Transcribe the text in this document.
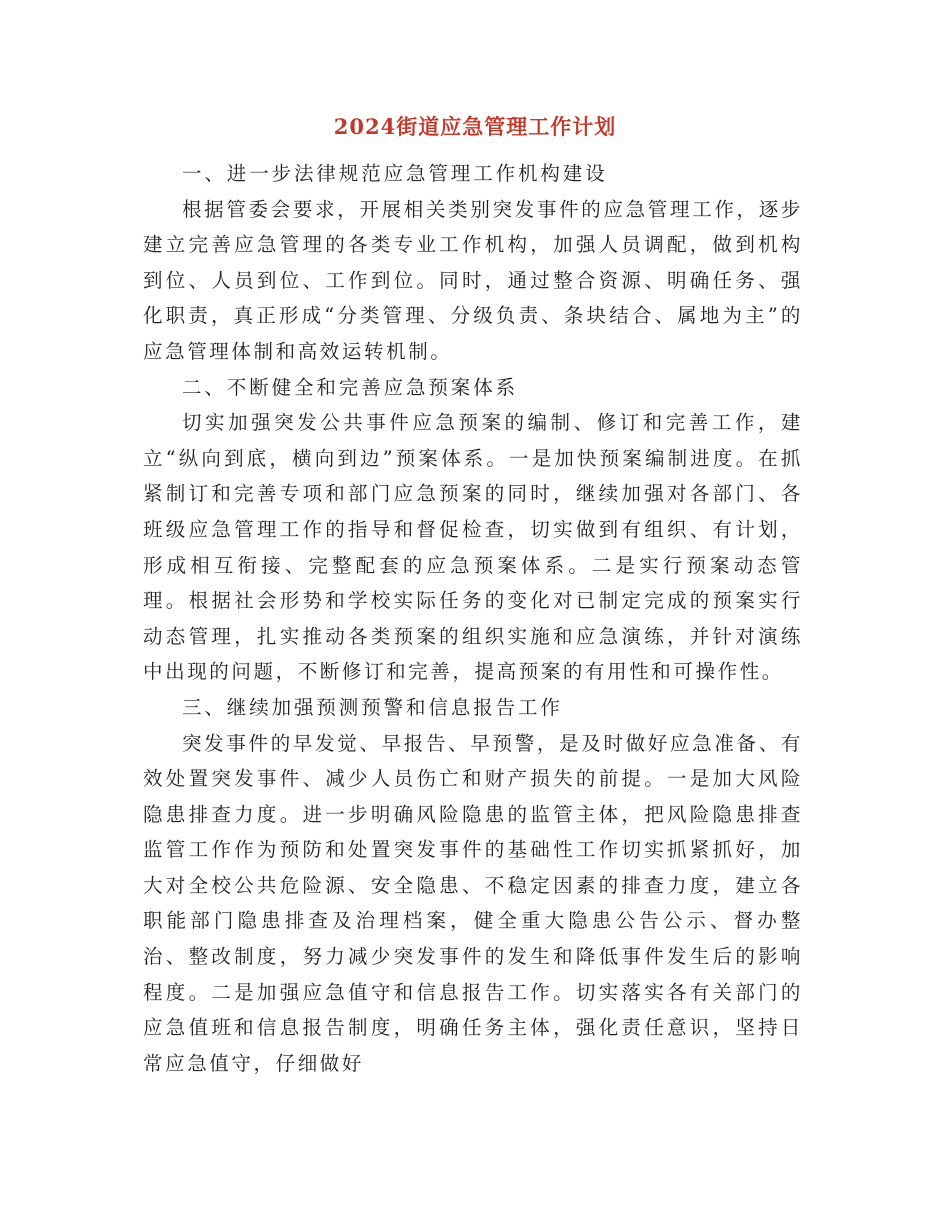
2024街道应急管理工作计划

一、进一步法律规范应急管理工作机构建设

根据管委会要求，开展相关类别突发事件的应急管理工作，逐步建立完善应急管理的各类专业工作机构，加强人员调配，做到机构到位、人员到位、工作到位。同时，通过整合资源、明确任务、强化职责，真正形成“分类管理、分级负责、条块结合、属地为主”的应急管理体制和高效运转机制。

二、不断健全和完善应急预案体系

切实加强突发公共事件应急预案的编制、修订和完善工作，建立“纵向到底，横向到边”预案体系。一是加快预案编制进度。在抓紧制订和完善专项和部门应急预案的同时，继续加强对各部门、各班级应急管理工作的指导和督促检查，切实做到有组织、有计划，形成相互衔接、完整配套的应急预案体系。二是实行预案动态管理。根据社会形势和学校实际任务的变化对已制定完成的预案实行动态管理，扎实推动各类预案的组织实施和应急演练，并针对演练中出现的问题，不断修订和完善，提高预案的有用性和可操作性。

三、继续加强预测预警和信息报告工作

突发事件的早发觉、早报告、早预警，是及时做好应急准备、有效处置突发事件、减少人员伤亡和财产损失的前提。一是加大风险隐患排查力度。进一步明确风险隐患的监管主体，把风险隐患排查监管工作作为预防和处置突发事件的基础性工作切实抓紧抓好，加大对全校公共危险源、安全隐患、不稳定因素的排查力度，建立各职能部门隐患排查及治理档案，健全重大隐患公告公示、督办整治、整改制度，努力减少突发事件的发生和降低事件发生后的影响程度。二是加强应急值守和信息报告工作。切实落实各有关部门的应急值班和信息报告制度，明确任务主体，强化责任意识，坚持日常应急值守，仔细做好
